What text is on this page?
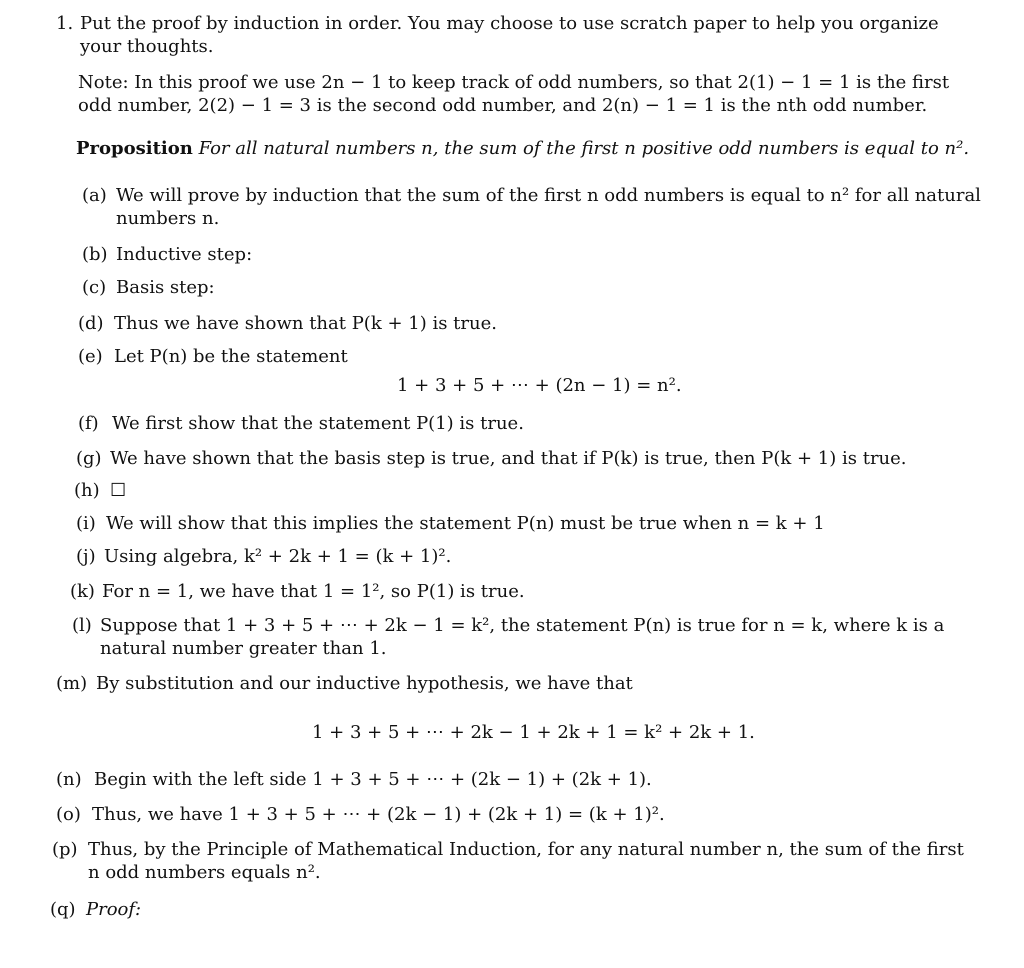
1. Put the proof by induction in order. You may choose to use scratch paper to help you organize your thoughts.
Note: In this proof we use 2n − 1 to keep track of odd numbers, so that 2(1) − 1 = 1 is the first odd number, 2(2) − 1 = 3 is the second odd number, and 2(n) − 1 = 1 is the nth odd number.
Proposition For all natural numbers n, the sum of the first n positive odd numbers is equal to n².
(a) We will prove by induction that the sum of the first n odd numbers is equal to n² for all natural numbers n.
(b) Inductive step:
(c) Basis step:
(d) Thus we have shown that P(k + 1) is true.
(e) Let P(n) be the statement
1 + 3 + 5 + ⋯ + (2n − 1) = n².
(f) We first show that the statement P(1) is true.
(g) We have shown that the basis step is true, and that if P(k) is true, then P(k + 1) is true.
(h) ☐
(i) We will show that this implies the statement P(n) must be true when n = k + 1
(j) Using algebra, k² + 2k + 1 = (k + 1)².
(k) For n = 1, we have that 1 = 1², so P(1) is true.
(l) Suppose that 1 + 3 + 5 + ⋯ + 2k − 1 = k², the statement P(n) is true for n = k, where k is a natural number greater than 1.
(m) By substitution and our inductive hypothesis, we have that
1 + 3 + 5 + ⋯ + 2k − 1 + 2k + 1 = k² + 2k + 1.
(n) Begin with the left side 1 + 3 + 5 + ⋯ + (2k − 1) + (2k + 1).
(o) Thus, we have 1 + 3 + 5 + ⋯ + (2k − 1) + (2k + 1) = (k + 1)².
(p) Thus, by the Principle of Mathematical Induction, for any natural number n, the sum of the first n odd numbers equals n².
(q) Proof:
